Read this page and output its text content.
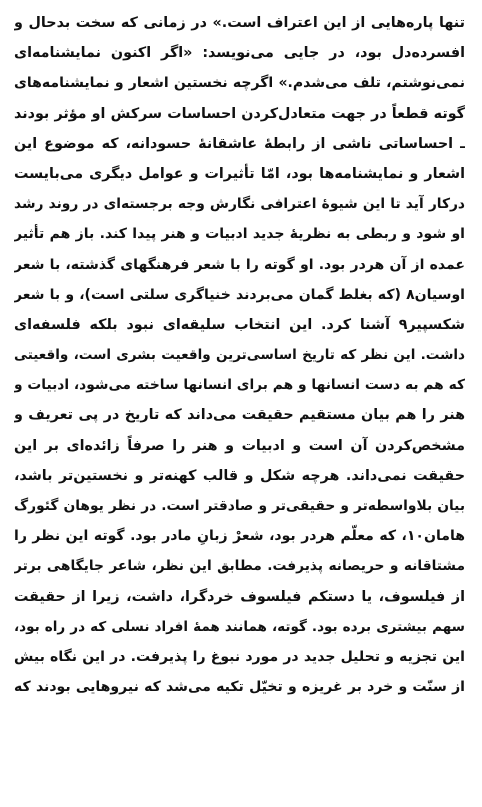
تنها پاره‌هایی از این اعتراف است.» در زمانی که سخت بدحال و
افسرده‌دل بود، در جایی می‌نویسد: «اگر اکنون نمایشنامه‌ای
نمی‌نوشتم، تلف می‌شدم.» اگرچه نخستین اشعار و نمایشنامه‌های
گوته قطعاً در جهت متعادل‌کردن احساسات سرکش او مؤثر بودند
ـ احساساتی ناشی از رابطهٔ عاشقانهٔ حسودانه، که موضوع این
اشعار و نمایشنامه‌ها بود، امّا تأثیرات و عوامل دیگری می‌بایست
درکار آید تا این شیوهٔ اعترافی نگارش وجه برجسته‌ای در روند رشد
او شود و ربطی به نظریهٔ جدید ادبیات و هنر پیدا کند. باز هم تأثیر
عمده از آن هردر بود. او گوته را با شعر فرهنگهای گذشته، با شعر
اوسیان۸ (که بغلط گمان می‌بردند خنیاگری سلتی است)، و با شعر
شکسپیر۹ آشنا کرد. این انتخاب سلیقه‌ای نبود بلکه فلسفه‌ای
داشت. این نظر که تاریخ اساسی‌ترین واقعیت بشری است، واقعیتی
که هم به دست انسانها و هم برای انسانها ساخته می‌شود، ادبیات و
هنر را هم بیان مستقیم حقیقت می‌داند که تاریخ در پی تعریف و
مشخص‌کردن آن است و ادبیات و هنر را صرفاً زائده‌ای بر این
حقیقت نمی‌داند. هرچه شکل و قالب کهنه‌تر و نخستین‌تر باشد،
بیان بلاواسطه‌تر و حقیقی‌تر و صادقتر است. در نظر یوهان گئورگ
هامان۱۰، که معلّم هردر بود، شعرْ زبانِ مادر بود. گوته این نظر را
مشتاقانه و حریصانه پذیرفت. مطابق این نظر، شاعر جایگاهی برتر
از فیلسوف، یا دستکم فیلسوف خردگرا، داشت، زیرا از حقیقت
سهم بیشتری برده بود. گوته، همانند همهٔ افراد نسلی که در راه بود،
این تجزیه و تحلیل جدید در مورد نبوغ را پذیرفت. در این نگاه بیش
از سنّت و خرد بر غریزه و تخیّل تکیه می‌شد که نیروهایی بودند که
